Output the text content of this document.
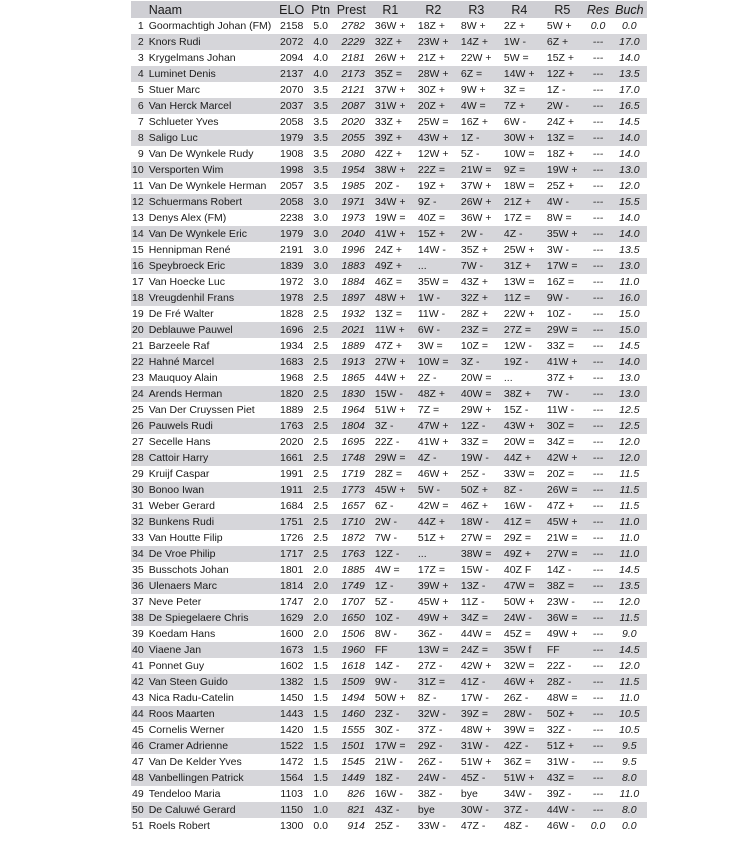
	Naam	ELO	Ptn	Prest	R1	R2	R3	R4	R5	Res	Buch
1	Goormachtigh Johan (FM)	2158	5.0	2782	36W +	18Z +	8W +	2Z +	5W +	0.0	0.0
2	Knors Rudi	2072	4.0	2229	32Z +	23W +	14Z +	1W -	6Z +	---	17.0
3	Krygelmans Johan	2094	4.0	2181	26W +	21Z +	22W +	5W =	15Z +	---	14.0
4	Luminet Denis	2137	4.0	2173	35Z =	28W +	6Z =	14W +	12Z +	---	13.5
5	Stuer Marc	2070	3.5	2121	37W +	30Z +	9W +	3Z =	1Z -	---	17.0
6	Van Herck Marcel	2037	3.5	2087	31W +	20Z +	4W =	7Z +	2W -	---	16.5
7	Schlueter Yves	2058	3.5	2020	33Z +	25W =	16Z +	6W -	24Z +	---	14.5
8	Saligo Luc	1979	3.5	2055	39Z +	43W +	1Z -	30W +	13Z =	---	14.0
9	Van De Wynkele Rudy	1908	3.5	2080	42Z +	12W +	5Z -	10W =	18Z +	---	14.0
10	Versporten Wim	1998	3.5	1954	38W +	22Z =	21W =	9Z =	19W +	---	13.0
11	Van De Wynkele Herman	2057	3.5	1985	20Z -	19Z +	37W +	18W =	25Z +	---	12.0
12	Schuermans Robert	2058	3.0	1971	34W +	9Z -	26W +	21Z +	4W -	---	15.5
13	Denys Alex (FM)	2238	3.0	1973	19W =	40Z =	36W +	17Z =	8W =	---	14.0
14	Van De Wynkele Eric	1979	3.0	2040	41W +	15Z +	2W -	4Z -	35W +	---	14.0
15	Hennipman René	2191	3.0	1996	24Z +	14W -	35Z +	25W +	3W -	---	13.5
16	Speybroeck Eric	1839	3.0	1883	49Z +	...	7W -	31Z +	17W =	---	13.0
17	Van Hoecke Luc	1972	3.0	1884	46Z =	35W =	43Z +	13W =	16Z =	---	11.0
18	Vreugdenhil Frans	1978	2.5	1897	48W +	1W -	32Z +	11Z =	9W -	---	16.0
19	De Fré Walter	1828	2.5	1932	13Z =	11W -	28Z +	22W +	10Z -	---	15.0
20	Deblauwe Pauwel	1696	2.5	2021	11W +	6W -	23Z =	27Z =	29W =	---	15.0
21	Barzeele Raf	1934	2.5	1889	47Z +	3W =	10Z =	12W -	33Z =	---	14.5
22	Hahné Marcel	1683	2.5	1913	27W +	10W =	3Z -	19Z -	41W +	---	14.0
23	Mauquoy Alain	1968	2.5	1865	44W +	2Z -	20W =	...	37Z +	---	13.0
24	Arends Herman	1820	2.5	1830	15W -	48Z +	40W =	38Z +	7W -	---	13.0
25	Van Der Cruyssen Piet	1889	2.5	1964	51W +	7Z =	29W +	15Z -	11W -	---	12.5
26	Pauwels Rudi	1763	2.5	1804	3Z -	47W +	12Z -	43W +	30Z =	---	12.5
27	Secelle Hans	2020	2.5	1695	22Z -	41W +	33Z =	20W =	34Z =	---	12.0
28	Cattoir Harry	1661	2.5	1748	29W =	4Z -	19W -	44Z +	42W +	---	12.0
29	Kruijf Caspar	1991	2.5	1719	28Z =	46W +	25Z -	33W =	20Z =	---	11.5
30	Bonoo Iwan	1911	2.5	1773	45W +	5W -	50Z +	8Z -	26W =	---	11.5
31	Weber Gerard	1684	2.5	1657	6Z -	42W =	46Z +	16W -	47Z +	---	11.5
32	Bunkens Rudi	1751	2.5	1710	2W -	44Z +	18W -	41Z =	45W +	---	11.0
33	Van Houtte Filip	1726	2.5	1872	7W -	51Z +	27W =	29Z =	21W =	---	11.0
34	De Vroe Philip	1717	2.5	1763	12Z -	...	38W =	49Z +	27W =	---	11.0
35	Busschots Johan	1801	2.0	1885	4W =	17Z =	15W -	40Z F	14Z -	---	14.5
36	Ulenaers Marc	1814	2.0	1749	1Z -	39W +	13Z -	47W =	38Z =	---	13.5
37	Neve Peter	1747	2.0	1707	5Z -	45W +	11Z -	50W +	23W -	---	12.0
38	De Spiegelaere Chris	1629	2.0	1650	10Z -	49W +	34Z =	24W -	36W =	---	11.5
39	Koedam Hans	1600	2.0	1506	8W -	36Z -	44W =	45Z =	49W +	---	9.0
40	Viaene Jan	1673	1.5	1960	FF	13W =	24Z =	35W f	FF	---	14.5
41	Ponnet Guy	1602	1.5	1618	14Z -	27Z -	42W +	32W =	22Z -	---	12.0
42	Van Steen Guido	1382	1.5	1509	9W -	31Z =	41Z -	46W +	28Z -	---	11.5
43	Nica Radu-Catelin	1450	1.5	1494	50W +	8Z -	17W -	26Z -	48W =	---	11.0
44	Roos Maarten	1443	1.5	1460	23Z -	32W -	39Z =	28W -	50Z +	---	10.5
45	Cornelis Werner	1420	1.5	1555	30Z -	37Z -	48W +	39W =	32Z -	---	10.5
46	Cramer Adrienne	1522	1.5	1501	17W =	29Z -	31W -	42Z -	51Z +	---	9.5
47	Van De Kelder Yves	1472	1.5	1545	21W -	26Z -	51W +	36Z =	31W -	---	9.5
48	Vanbellingen Patrick	1564	1.5	1449	18Z -	24W -	45Z -	51W +	43Z =	---	8.0
49	Tendeloo Maria	1103	1.0	826	16W -	38Z -	bye	34W -	39Z -	---	11.0
50	De Caluwé Gerard	1150	1.0	821	43Z -	bye	30W -	37Z -	44W -	---	8.0
51	Roels Robert	1300	0.0	914	25Z -	33W -	47Z -	48Z -	46W -	0.0	0.0
